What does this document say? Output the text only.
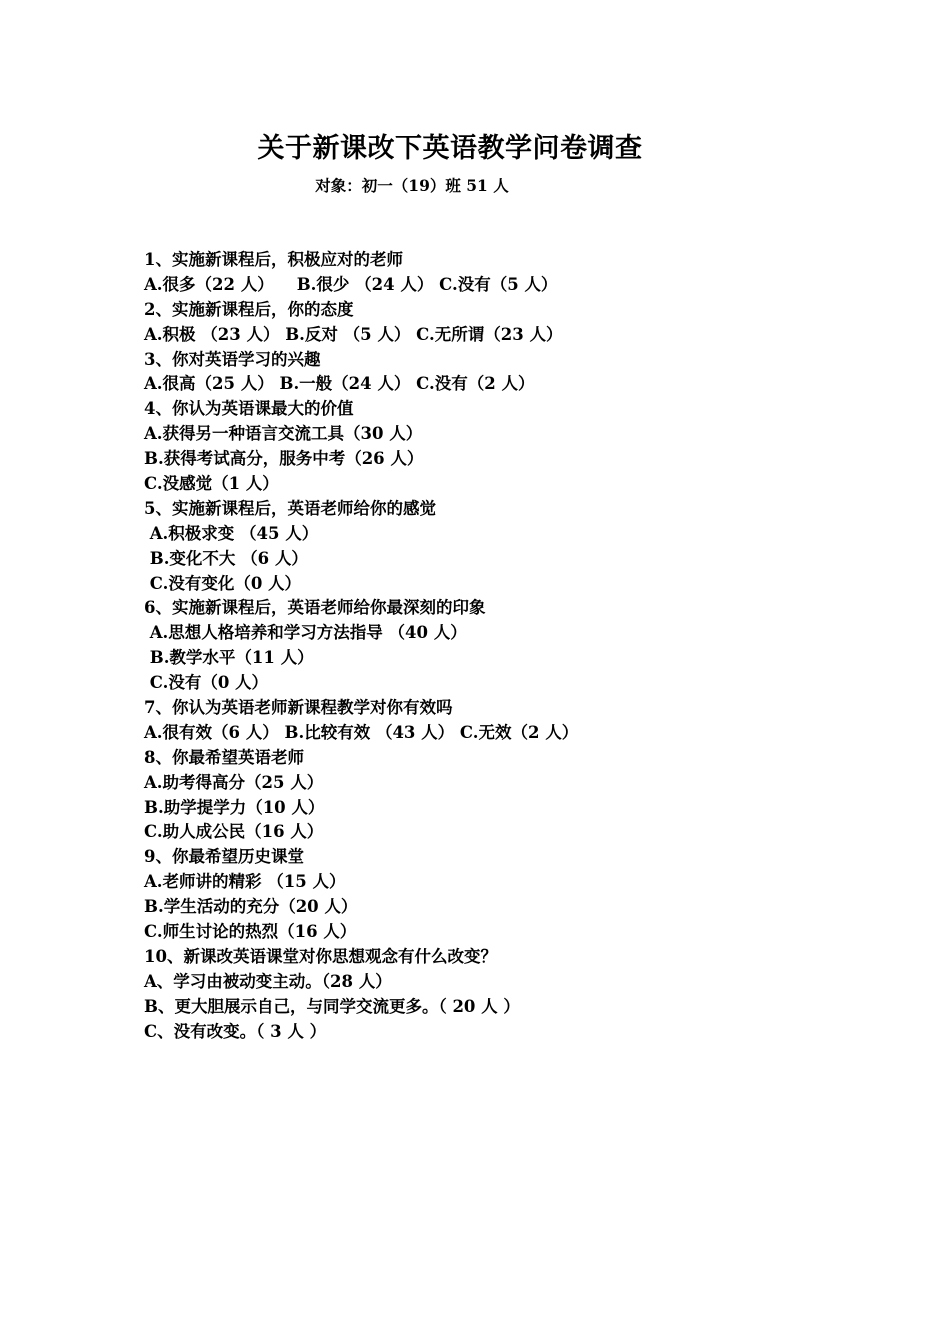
关于新课改下英语教学问卷调查
对象：初一（19）班 51 人
1、实施新课程后，积极应对的老师
A.很多（22 人）    B.很少 （24 人） C.没有（5 人）
2、实施新课程后，你的态度
A.积极 （23 人） B.反对 （5 人） C.无所谓（23 人）
3、你对英语学习的兴趣
A.很高（25 人） B.一般（24 人） C.没有（2 人）
4、你认为英语课最大的价值
A.获得另一种语言交流工具（30 人）
B.获得考试高分，服务中考（26 人）
C.没感觉（1 人）
5、实施新课程后，英语老师给你的感觉
A.积极求变 （45 人）
B.变化不大 （6 人）
C.没有变化（0 人）
6、实施新课程后，英语老师给你最深刻的印象
A.思想人格培养和学习方法指导 （40 人）
B.教学水平（11 人）
C.没有（0 人）
7、你认为英语老师新课程教学对你有效吗
A.很有效（6 人） B.比较有效 （43 人） C.无效（2 人）
8、你最希望英语老师
A.助考得高分（25 人）
B.助学提学力（10 人）
C.助人成公民（16 人）
9、你最希望历史课堂
A.老师讲的精彩 （15 人）
B.学生活动的充分（20 人）
C.师生讨论的热烈（16 人）
10、新课改英语课堂对你思想观念有什么改变？
A、学习由被动变主动。（28 人）
B、更大胆展示自己，与同学交流更多。（ 20 人 ）
C、没有改变。（ 3 人 ）
